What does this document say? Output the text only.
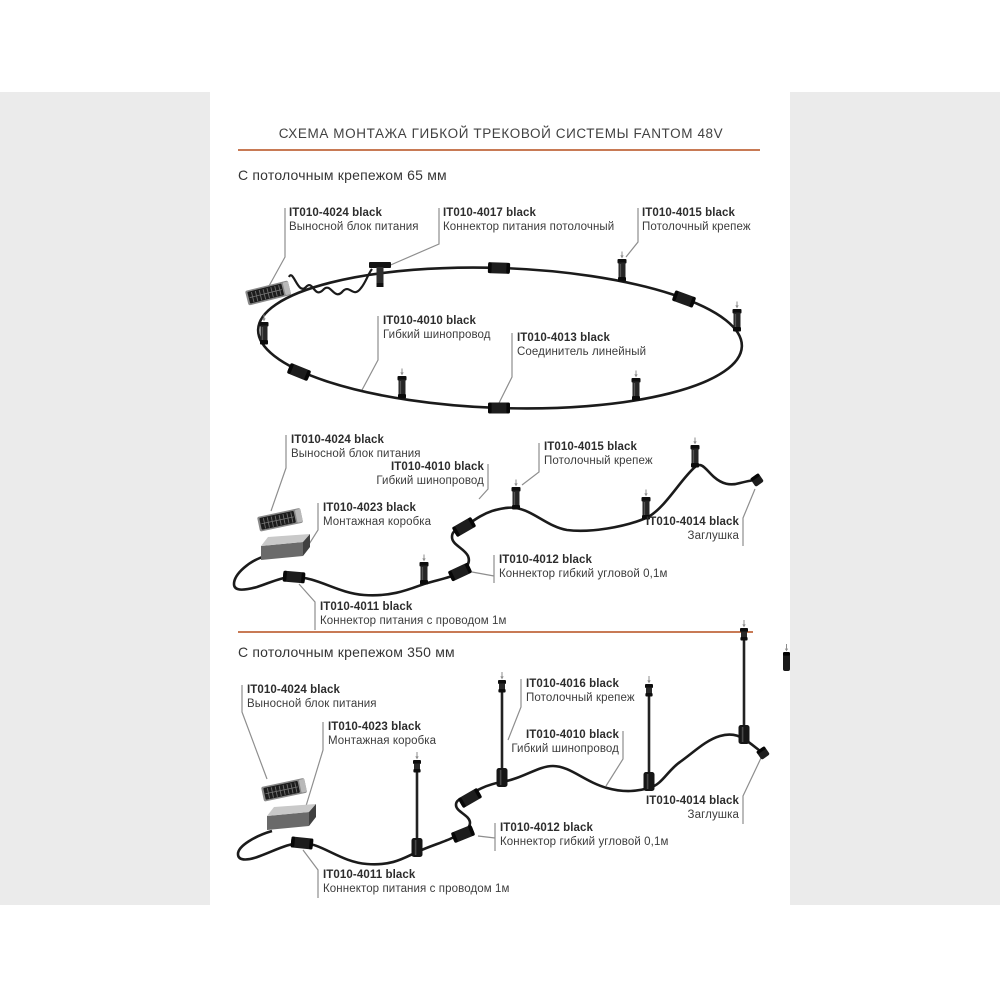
СХЕМА МОНТАЖА ГИБКОЙ ТРЕКОВОЙ СИСТЕМЫ FANTOM 48V
С потолочным крепежом 65 мм
С потолочным крепежом 350 мм
IT010-4024 black
Выносной блок питания
IT010-4017 black
Коннектор питания потолочный
IT010-4015 black
Потолочный крепеж
IT010-4010 black
Гибкий шинопровод IT010-4013 black
Соединитель линейный
IT010-4024 black
Выносной блок питания
IT010-4010 black
Гибкий шинопровод
IT010-4023 black
Монтажная коробка
IT010-4015 black
Потолочный крепеж
IT010-4014 black
Заглушка
IT010-4012 black
Коннектор гибкий угловой 0,1м
IT010-4011 black
Коннектор питания с проводом 1м
IT010-4024 black
Выносной блок питания
IT010-4023 black
Монтажная коробка
IT010-4016 black
Потолочный крепеж
IT010-4010 black
Гибкий шинопровод
IT010-4014 black
Заглушка
IT010-4012 black
Коннектор гибкий угловой 0,1м
IT010-4011 black
Коннектор питания с проводом 1м
